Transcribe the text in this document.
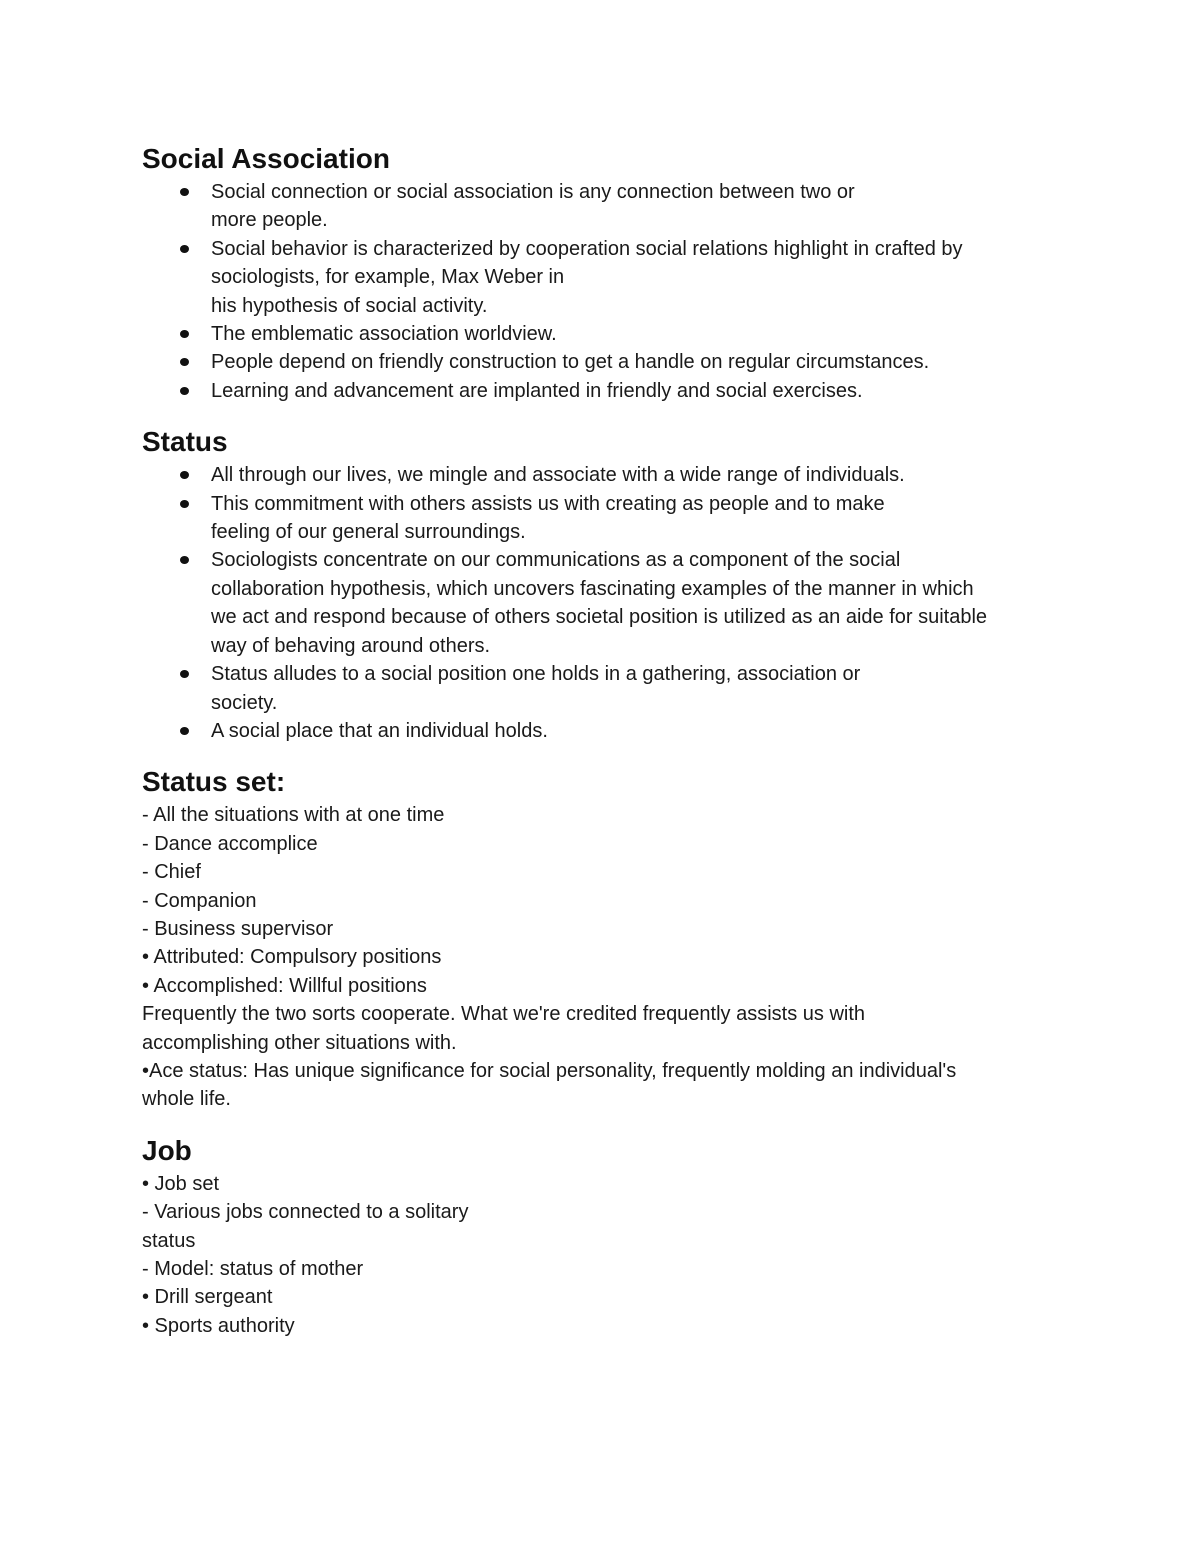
Social Association
Social connection or social association is any connection between two or
more people.
Social behavior is characterized by cooperation social relations highlight in crafted by
sociologists, for example, Max Weber in
his hypothesis of social activity.
The emblematic association worldview.
People depend on friendly construction to get a handle on regular circumstances.
Learning and advancement are implanted in friendly and social exercises.
Status
All through our lives, we mingle and associate with a wide range of individuals.
This commitment with others assists us with creating as people and to make
feeling of our general surroundings.
Sociologists concentrate on our communications as a component of the social
collaboration hypothesis, which uncovers fascinating examples of the manner in which
we act and respond because of others societal position is utilized as an aide for suitable
way of behaving around others.
Status alludes to a social position one holds in a gathering, association or
society.
A social place that an individual holds.
Status set:
- All the situations with at one time
- Dance accomplice
- Chief
- Companion
- Business supervisor
• Attributed: Compulsory positions
• Accomplished: Willful positions
Frequently the two sorts cooperate. What we're credited frequently assists us with
accomplishing other situations with.
•Ace status: Has unique significance for social personality, frequently molding an individual's
whole life.
Job
• Job set
- Various jobs connected to a solitary
status
- Model: status of mother
• Drill sergeant
• Sports authority
